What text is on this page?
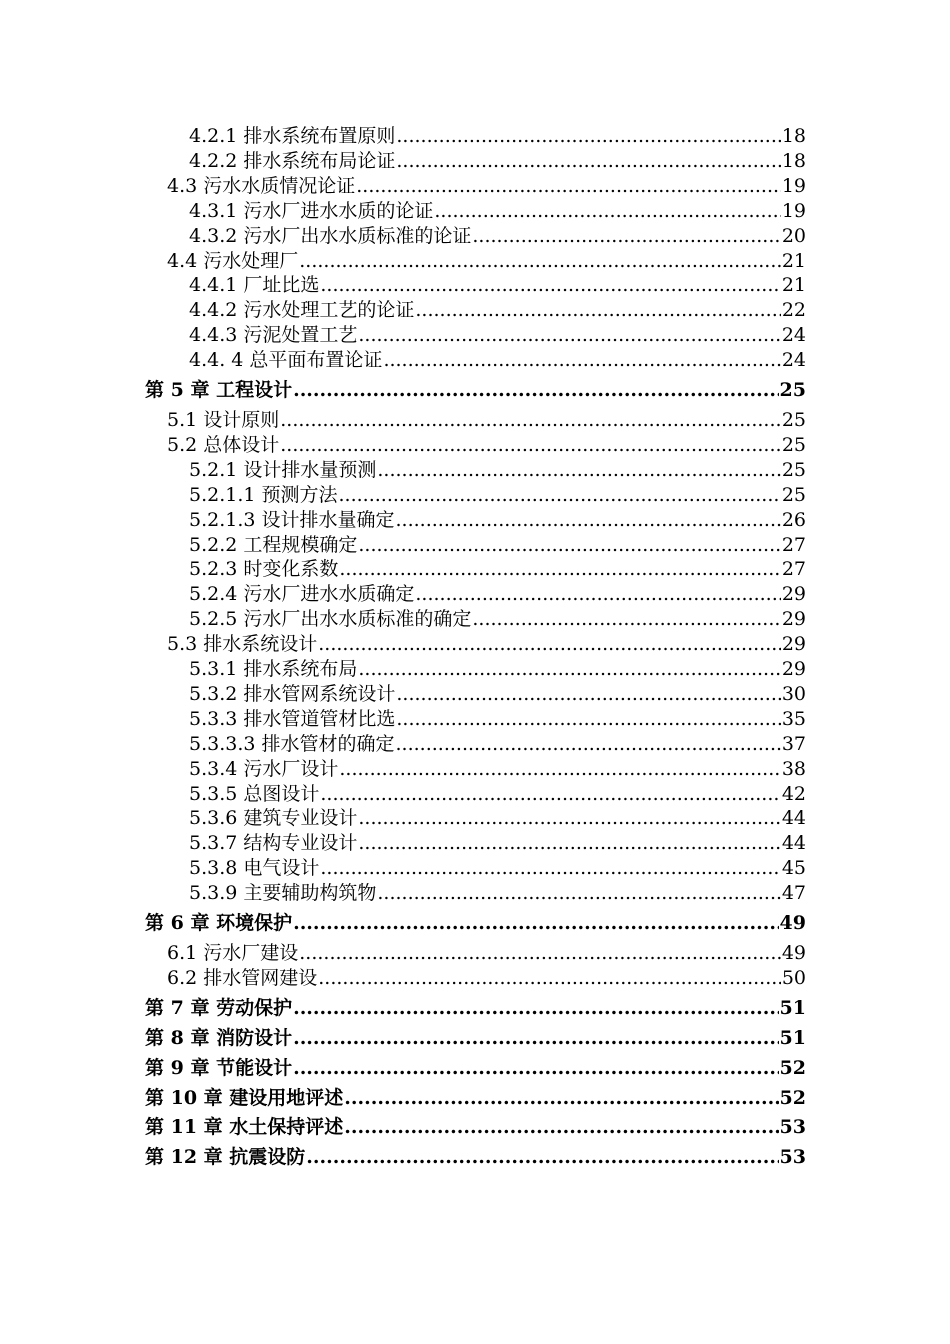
4.2.1 排水系统布置原则 .....	18
4.2.2 排水系统布局论证 .....	18
4.3 污水水质情况论证 .....	19
4.3.1 污水厂进水水质的论证 .....	19
4.3.2 污水厂出水水质标准的论证 .....	20
4.4 污水处理厂 .....	21
4.4.1 厂址比选 .....	21
4.4.2 污水处理工艺的论证 .....	22
4.4.3 污泥处置工艺 .....	24
4.4. 4 总平面布置论证 .....	24
第 5 章 工程设计 .....	25
5.1 设计原则 .....	25
5.2 总体设计 .....	25
5.2.1 设计排水量预测 .....	25
5.2.1.1 预测方法 .....	25
5.2.1.3 设计排水量确定 .....	26
5.2.2 工程规模确定 .....	27
5.2.3 时变化系数 .....	27
5.2.4 污水厂进水水质确定 .....	29
5.2.5 污水厂出水水质标准的确定 .....	29
5.3 排水系统设计 .....	29
5.3.1 排水系统布局 .....	29
5.3.2 排水管网系统设计 .....	30
5.3.3 排水管道管材比选 .....	35
5.3.3.3 排水管材的确定 .....	37
5.3.4 污水厂设计 .....	38
5.3.5 总图设计 .....	42
5.3.6 建筑专业设计 .....	44
5.3.7 结构专业设计 .....	44
5.3.8 电气设计 .....	45
5.3.9 主要辅助构筑物 .....	47
第 6 章 环境保护 .....	49
6.1 污水厂建设 .....	49
6.2 排水管网建设 .....	50
第 7 章 劳动保护 .....	51
第 8 章 消防设计 .....	51
第 9 章 节能设计 .....	52
第 10 章 建设用地评述 .....	52
第 11 章 水土保持评述 .....	53
第 12 章 抗震设防 .....	53
